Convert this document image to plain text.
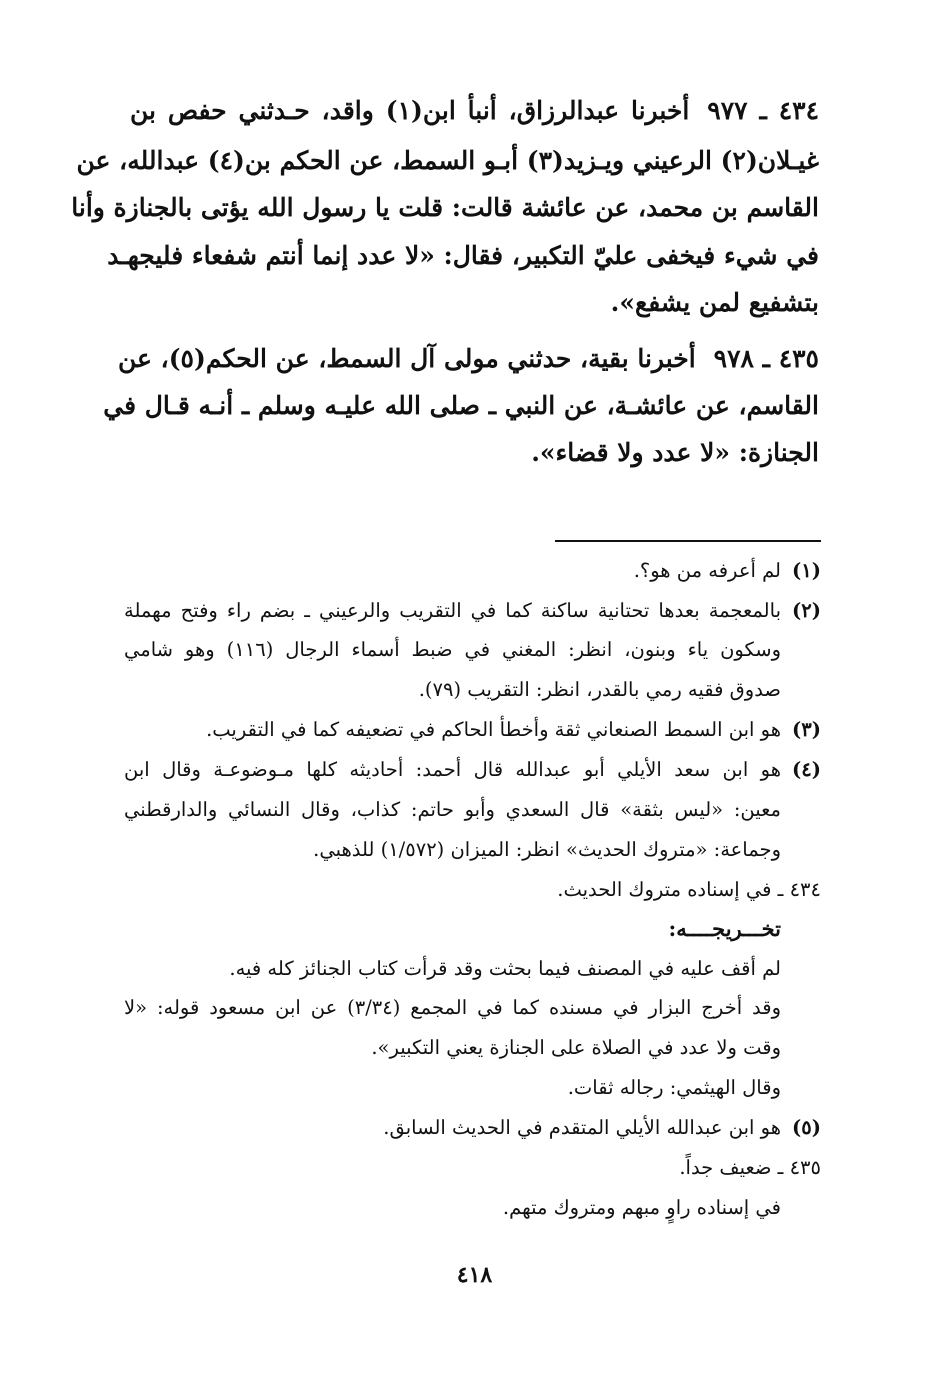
٤٣٤ ـ ٩٧٧أخبرنا عبدالرزاق، أنبأ ابن(١) واقد، حـدثني حفص بن
غيـلان(٢) الرعيني ويـزيد(٣) أبـو السمط، عن الحكم بن(٤) عبدالله، عن
القاسم بن محمد، عن عائشة قالت: قلت يا رسول الله يؤتى بالجنازة وأنا
في شيء فيخفى عليّ التكبير، فقال: «لا عدد إنما أنتم شفعاء فليجهـد
بتشفيع لمن يشفع».
٤٣٥ ـ ٩٧٨أخبرنا بقية، حدثني مولى آل السمط، عن الحكم(٥)، عن
القاسم، عن عائشـة، عن النبي ـ صلى الله عليـه وسلم ـ أنـه قـال في
الجنازة: «لا عدد ولا قضاء».
(١)لم أعرفه من هو؟.
(٢)بالمعجمة بعدها تحتانية ساكنة كما في التقريب والرعيني ـ بضم راء وفتح مهملة
وسكون ياء وبنون، انظر: المغني في ضبط أسماء الرجال (١١٦) وهو شامي
صدوق فقيه رمي بالقدر، انظر: التقريب (٧٩).
(٣)هو ابن السمط الصنعاني ثقة وأخطأ الحاكم في تضعيفه كما في التقريب.
(٤)هو ابن سعد الأيلي أبو عبدالله قال أحمد: أحاديثه كلها مـوضوعـة وقال ابن
معين: «ليس بثقة» قال السعدي وأبو حاتم: كذاب، وقال النسائي والدارقطني
وجماعة: «متروك الحديث» انظر: الميزان (١/٥٧٢) للذهبي.
٤٣٤ ـ في إسناده متروك الحديث.
تخـــريجــــه:
لم أقف عليه في المصنف فيما بحثت وقد قرأت كتاب الجنائز كله فيه.
وقد أخرج البزار في مسنده كما في المجمع (٣/٣٤) عن ابن مسعود قوله: «لا
وقت ولا عدد في الصلاة على الجنازة يعني التكبير».
وقال الهيثمي: رجاله ثقات.
(٥)هو ابن عبدالله الأيلي المتقدم في الحديث السابق.
٤٣٥ ـ ضعيف جداً.
في إسناده راوٍ مبهم ومتروك متهم.
٤١٨
